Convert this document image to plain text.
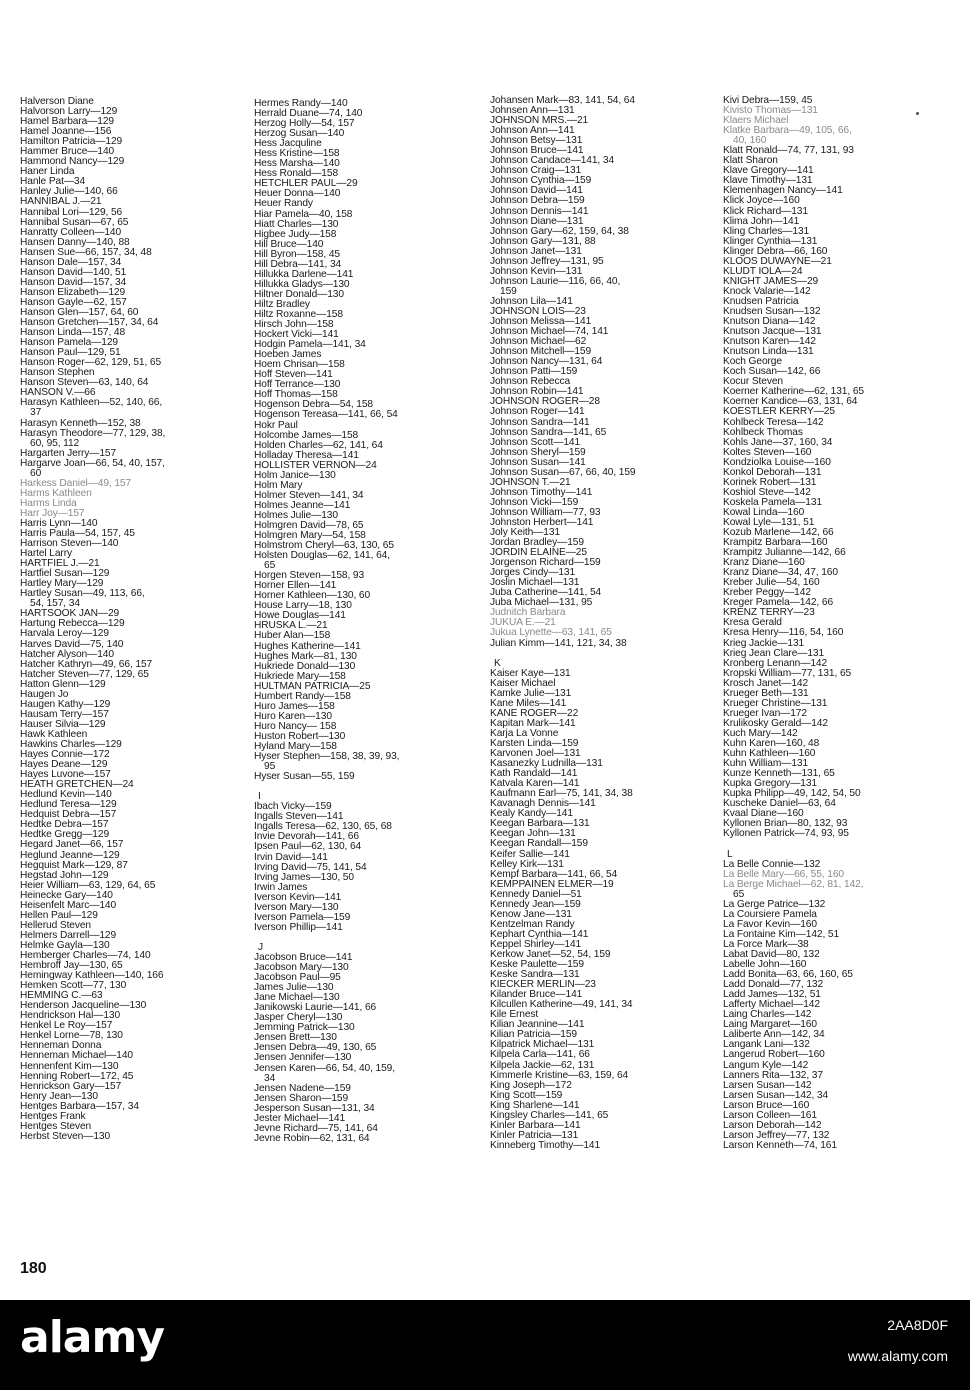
Halverson Diane
Halvorson Larry—129
Hamel Barbara—129
Hamel Joanne—156
Hamilton Patricia—129
Hammer Bruce—140
Hammond Nancy—129
Haner Linda
Hanle Pat—34
Hanley Julie—140, 66
HANNIBAL J.—21
Hannibal Lori—129, 56
Hannibal Susan—67, 65
Hanratty Colleen—140
Hansen Danny—140, 88
Hansen Sue—66, 157, 34, 48
Hanson Dale—157, 34
Hanson David—140, 51
Hanson David—157, 34
Hanson Elizabeth—129
Hanson Gayle—62, 157
Hanson Glen—157, 64, 60
Hanson Gretchen—157, 34, 64
Hanson Linda—157, 48
Hanson Pamela—129
Hanson Paul—129, 51
Hanson Roger—62, 129, 51, 65
Hanson Stephen
Hanson Steven—63, 140, 64
HANSON V.—66
Harasyn Kathleen—52, 140, 66,
37
Harasyn Kenneth—152, 38
Harasyn Theodore—77, 129, 38,
60, 95, 112
Hargarten Jerry—157
Hargarve Joan—66, 54, 40, 157,
60
Harkess Daniel—49, 157
Harms Kathleen
Harms Linda
Harr Joy—157
Harris Lynn—140
Harris Paula—54, 157, 45
Harrison Steven—140
Hartel Larry
HARTFIEL J.—21
Hartfiel Susan—129
Hartley Mary—129
Hartley Susan—49, 113, 66,
54, 157, 34
HARTSOOK JAN—29
Hartung Rebecca—129
Harvala Leroy—129
Harves David—75, 140
Hatcher Alyson—140
Hatcher Kathryn—49, 66, 157
Hatcher Steven—77, 129, 65
Hatton Glenn—129
Haugen Jo
Haugen Kathy—129
Hausam Terry—157
Hauser Silvia—129
Hawk Kathleen
Hawkins Charles—129
Hayes Connie—172
Hayes Deane—129
Hayes Luvone—157
HEATH GRETCHEN—24
Hedlund Kevin—140
Hedlund Teresa—129
Hedquist Debra—157
Hedtke Debra—157
Hedtke Gregg—129
Hegard Janet—66, 157
Heglund Jeanne—129
Hegquist Mark—129, 87
Hegstad John—129
Heier William—63, 129, 64, 65
Heinecke Gary—140
Heisenfelt Marc—140
Hellen Paul—129
Hellerud Steven
Helmers Darrell—129
Helmke Gayla—130
Hemberger Charles—74, 140
Hembroff Jay—130, 65
Hemingway Kathleen—140, 166
Hemken Scott—77, 130
HEMMING C.—63
Henderson Jacqueline—130
Hendrickson Hal—130
Henkel Le Roy—157
Henkel Lorne—78, 130
Henneman Donna
Henneman Michael—140
Hennenfent Kim—130
Henning Robert—172, 45
Henrickson Gary—157
Henry Jean—130
Hentges Barbara—157, 34
Hentges Frank
Hentges Steven
Herbst Steven—130
Hermes Randy—140
Herrald Duane—74, 140
Herzog Holly—54, 157
Herzog Susan—140
Hess Jacquline
Hess Kristine—158
Hess Marsha—140
Hess Ronald—158
HETCHLER PAUL—29
Heuer Donna—140
Heuer Randy
Hiar Pamela—40, 158
Hiatt Charles—130
Higbee Judy—158
Hill Bruce—140
Hill Byron—158, 45
Hill Debra—141, 34
Hillukka Darlene—141
Hillukka Gladys—130
Hiltner Donald—130
Hiltz Bradley
Hiltz Roxanne—158
Hirsch John—158
Hockert Vicki—141
Hodgin Pamela—141, 34
Hoeben James
Hoem Chrisan—158
Hoff Steven—141
Hoff Terrance—130
Hoff Thomas—158
Hogenson Debra—54, 158
Hogenson Tereasa—141, 66, 54
Hokr Paul
Holcombe James—158
Holden Charles—62, 141, 64
Holladay Theresa—141
HOLLISTER VERNON—24
Holm Janice—130
Holm Mary
Holmer Steven—141, 34
Holmes Jeanne—141
Holmes Julie—130
Holmgren David—78, 65
Holmgren Mary—54, 158
Holmstrom Cheryl—63, 130, 65
Holsten Douglas—62, 141, 64,
65
Horgen Steven—158, 93
Horner Ellen—141
Horner Kathleen—130, 60
House Larry—18, 130
Howe Douglas—141
HRUSKA L.—21
Huber Alan—158
Hughes Katherine—141
Hughes Mark—81, 130
Hukriede Donald—130
Hukriede Mary—158
HULTMAN PATRICIA—25
Humbert Randy—158
Huro James—158
Huro Karen—130
Huro Nancy— 158
Huston Robert—130
Hyland Mary—158
Hyser Stephen—158, 38, 39, 93,
95
Hyser Susan—55, 159
I
Ibach Vicky—159
Ingalls Steven—141
Ingalls Teresa—62, 130, 65, 68
Invie Devorah—141, 66
Ipsen Paul—62, 130, 64
Irvin David—141
Irving David—75, 141, 54
Irving James—130, 50
Irwin James
Iverson Kevin—141
Iverson Mary—130
Iverson Pamela—159
Iverson Phillip—141
J
Jacobson Bruce—141
Jacobson Mary—130
Jacobson Paul—95
James Julie—130
Jane Michael—130
Janikowski Laurie—141, 66
Jasper Cheryl—130
Jemming Patrick—130
Jensen Brett—130
Jensen Debra—49, 130, 65
Jensen Jennifer—130
Jensen Karen—66, 54, 40, 159,
34
Jensen Nadene—159
Jensen Sharon—159
Jesperson Susan—131, 34
Jester Michael—141
Jevne Richard—75, 141, 64
Jevne Robin—62, 131, 64
Johansen Mark—83, 141, 54, 64
Johnsen Ann—131
JOHNSON MRS.—21
Johnson Ann—141
Johnson Betsy—131
Johnson Bruce—141
Johnson Candace—141, 34
Johnson Craig—131
Johnson Cynthia—159
Johnson David—141
Johnson Debra—159
Johnson Dennis—141
Johnson Diane—131
Johnson Gary—62, 159, 64, 38
Johnson Gary—131, 88
Johnson Janet—131
Johnson Jeffrey—131, 95
Johnson Kevin—131
Johnson Laurie—116, 66, 40,
159
Johnson Lila—141
JOHNSON LOIS—23
Johnson Melissa—141
Johnson Michael—74, 141
Johnson Michael—62
Johnson Mitchell—159
Johnson Nancy—131, 64
Johnson Patti—159
Johnson Rebecca
Johnson Robin—141
JOHNSON ROGER—28
Johnson Roger—141
Johnson Sandra—141
Johnson Sandra—141, 65
Johnson Scott—141
Johnson Sheryl—159
Johnson Susan—141
Johnson Susan—67, 66, 40, 159
JOHNSON T.—21
Johnson Timothy—141
Johnson Vicki—159
Johnson William—77, 93
Johnston Herbert—141
Joly Keith—131
Jordan Bradley—159
JORDIN ELAINE—25
Jorgenson Richard—159
Jorges Cindy—131
Joslin Michael—131
Juba Catherine—141, 54
Juba Michael—131, 95
Judnitch Barbara
JUKUA E.—21
Jukua Lynette—63, 141, 65
Julian Kimm—141, 121, 34, 38
K
Kaiser Kaye—131
Kaiser Michael
Kamke Julie—131
Kane Miles—141
KANE ROGER—22
Kapitan Mark—141
Karja La Vonne
Karsten Linda—159
Karvonen Joel—131
Kasanezky Ludnilla—131
Kath Randald—141
Katvala Karen—141
Kaufmann Earl—75, 141, 34, 38
Kavanagh Dennis—141
Kealy Kandy—141
Keegan Barbara—131
Keegan John—131
Keegan Randall—159
Keifer Sallie—141
Kelley Kirk—131
Kempf Barbara—141, 66, 54
KEMPPAINEN ELMER—19
Kennedy Daniel—51
Kennedy Jean—159
Kenow Jane—131
Kentzelman Randy
Kephart Cynthia—141
Keppel Shirley—141
Kerkow Janet—52, 54, 159
Keske Paulette—159
Keske Sandra—131
KIECKER MERLIN—23
Kilander Bruce—141
Kilcullen Katherine—49, 141, 34
Kile Ernest
Kilian Jeannine—141
Kilian Patricia—159
Kilpatrick Michael—131
Kilpela Carla—141, 66
Kilpela Jackie—62, 131
Kimmerle Kristine—63, 159, 64
King Joseph—172
King Scott—159
King Sharlene—141
Kingsley Charles—141, 65
Kinler Barbara—141
Kinler Patricia—131
Kinneberg Timothy—141
Kivi Debra—159, 45
Kivisto Thomas—131
Klaers Michael
Klatke Barbara—49, 105, 66,
40, 160
Klatt Ronald—74, 77, 131, 93
Klatt Sharon
Klave Gregory—141
Klave Timothy—131
Klemenhagen Nancy—141
Klick Joyce—160
Klick Richard—131
Klima John—141
Kling Charles—131
Klinger Cynthia—131
Klinger Debra—66, 160
KLOOS DUWAYNE—21
KLUDT IOLA—24
KNIGHT JAMES—29
Knock Valarie—142
Knudsen Patricia
Knudsen Susan—132
Knutson Diana—142
Knutson Jacque—131
Knutson Karen—142
Knutson Linda—131
Koch George
Koch Susan—142, 66
Kocur Steven
Koerner Katherine—62, 131, 65
Koerner Kandice—63, 131, 64
KOESTLER KERRY—25
Kohlbeck Teresa—142
Kohlbeck Thomas
Kohls Jane—37, 160, 34
Koltes Steven—160
Kondziolka Louise—160
Konkol Deborah—131
Korinek Robert—131
Koshiol Steve—142
Koskela Pamela—131
Kowal Linda—160
Kowal Lyle—131, 51
Kozub Marlene—142, 66
Krampitz Barbara—160
Krampitz Julianne—142, 66
Kranz Diane—160
Kranz Diane—34, 47, 160
Kreber Julie—54, 160
Kreber Peggy—142
Kreger Pamela—142, 66
KRENZ TERRY—23
Kresa Gerald
Kresa Henry—116, 54, 160
Krieg Jackie—131
Krieg Jean Clare—131
Kronberg Lenann—142
Kropski William—77, 131, 65
Krosch Janet—142
Krueger Beth—131
Krueger Christine—131
Krueger Ivan—172
Krulikosky Gerald—142
Kuch Mary—142
Kuhn Karen—160, 48
Kuhn Kathleen—160
Kuhn William—131
Kunze Kenneth—131, 65
Kupka Gregory—131
Kupka Philipp—49, 142, 54, 50
Kuscheke Daniel—63, 64
Kvaal Diane—160
Kyllonen Brian—80, 132, 93
Kyllonen Patrick—74, 93, 95
L
La Belle Connie—132
La Belle Mary—66, 55, 160
La Berge Michael—62, 81, 142,
65
La Gerge Patrice—132
La Coursiere Pamela
La Favor Kevin—160
La Fontaine Kim—142, 51
La Force Mark—38
Labat David—80, 132
Labelle John—160
Ladd Bonita—63, 66, 160, 65
Ladd Donald—77, 132
Ladd James—132, 51
Lafferty Michael—142
Laing Charles—142
Laing Margaret—160
Laliberte Ann—142, 34
Langank Lani—132
Langerud Robert—160
Langum Kyle—142
Lanners Rita—132, 37
Larsen Susan—142
Larsen Susan—142, 34
Larson Bruce—160
Larson Colleen—161
Larson Deborah—142
Larson Jeffrey—77, 132
Larson Kenneth—74, 161
180
alamy	2AA8D0F
www.alamy.com
